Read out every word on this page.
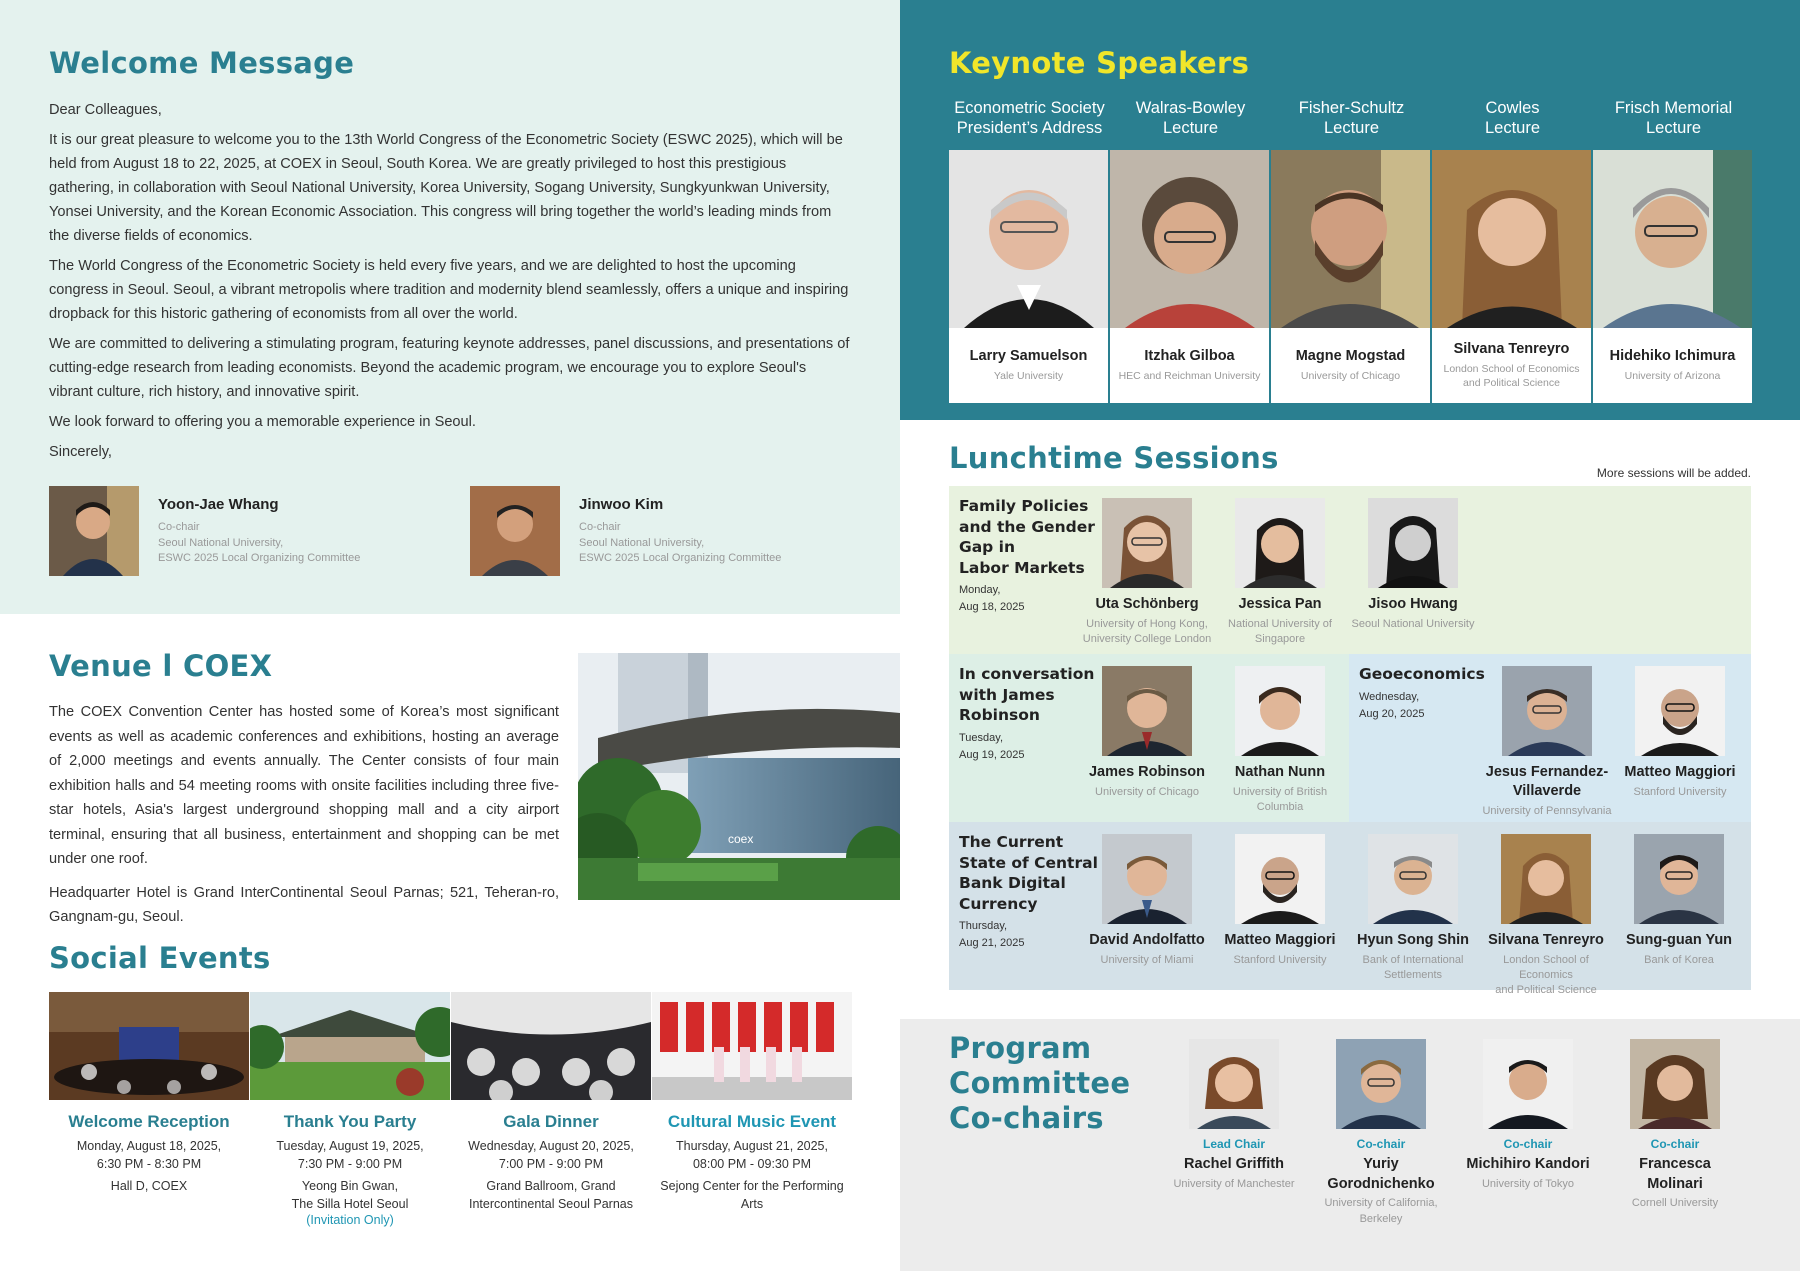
Welcome Message

Dear Colleagues,

It is our great pleasure to welcome you to the 13th World Congress of the Econometric Society (ESWC 2025), which will be held from August 18 to 22, 2025, at COEX in Seoul, South Korea. We are greatly privileged to host this prestigious gathering, in collaboration with Seoul National University, Korea University, Sogang University, Sungkyunkwan University, Yonsei University, and the Korean Economic Association. This congress will bring together the world’s leading minds from the diverse fields of economics.

The World Congress of the Econometric Society is held every five years, and we are delighted to host the upcoming congress in Seoul. Seoul, a vibrant metropolis where tradition and modernity blend seamlessly, offers a unique and inspiring dropback for this historic gathering of economists from all over the world.

We are committed to delivering a stimulating program, featuring keynote addresses, panel discussions, and presentations of cutting-edge research from leading economists. Beyond the academic program, we encourage you to explore Seoul's vibrant culture, rich history, and innovative spirit.

We look forward to offering you a memorable experience in Seoul.

Sincerely,

Yoon-Jae Whang
Co-chair
Seoul National University,
ESWC 2025 Local Organizing Committee
Jinwoo Kim
Co-chair
Seoul National University,
ESWC 2025 Local Organizing Committee
Venue l COEX

The COEX Convention Center has hosted some of Korea’s most significant events as well as academic conferences and exhibitions, hosting an average of 2,000 meetings and events annually. The Center consists of four main exhibition halls and 54 meeting rooms with onsite facilities including three five-star hotels, Asia's largest underground shopping mall and a city airport terminal, ensuring that all business, entertainment and shopping can be met under one roof.

Headquarter Hotel is Grand InterContinental Seoul Parnas; 521, Teheran-ro, Gangnam-gu, Seoul.

coex
Social Events
Welcome Reception
Monday, August 18, 2025,
6:30 PM - 8:30 PM
Hall D, COEX
Thank You Party
Tuesday, August 19, 2025,
7:30 PM - 9:00 PM
Yeong Bin Gwan,
The Silla Hotel Seoul
(Invitation Only)
Gala Dinner
Wednesday, August 20, 2025,
7:00 PM - 9:00 PM
Grand Ballroom, Grand
Intercontinental Seoul Parnas
Cultural Music Event
Thursday, August 21, 2025,
08:00 PM - 09:30 PM
Sejong Center for the Performing
Arts
Keynote Speakers
Econometric Society
President’s Address
Larry Samuelson
Yale University
Walras-Bowley
Lecture
Itzhak Gilboa
HEC and Reichman University
Fisher-Schultz
Lecture
Magne Mogstad
University of Chicago
Cowles
Lecture
Silvana Tenreyro
London School of Economics
and Political Science
Frisch Memorial
Lecture
Hidehiko Ichimura
University of Arizona
Lunchtime Sessions	More sessions will be added.
Family Policies
and the Gender
Gap in
Labor Markets
Monday,
Aug 18, 2025	Uta Schönberg
University of Hong Kong,
University College London
Jessica Pan
National University of
Singapore
Jisoo Hwang
Seoul National University
In conversation
with James
Robinson
Tuesday,
Aug 19, 2025
James Robinson
University of Chicago
Nathan Nunn
University of British
Columbia
Geoeconomics
Wednesday,
Aug 20, 2025
Jesus Fernandez-
Villaverde
University of Pennsylvania
Matteo Maggiori
Stanford University
The Current
State of Central
Bank Digital
Currency
Thursday,
Aug 21, 2025	David Andolfatto
University of Miami
Matteo Maggiori
Stanford University
Hyun Song Shin
Bank of International
Settlements
Silvana Tenreyro
London School of Economics
and Political Science
Sung-guan Yun
Bank of Korea
Program
Committee
Co-chairs
Lead Chair
Rachel Griffith
University of Manchester
Co-chair
Yuriy
Gorodnichenko
University of California,
Berkeley
Co-chair
Michihiro Kandori
University of Tokyo
Co-chair
Francesca
Molinari
Cornell University
